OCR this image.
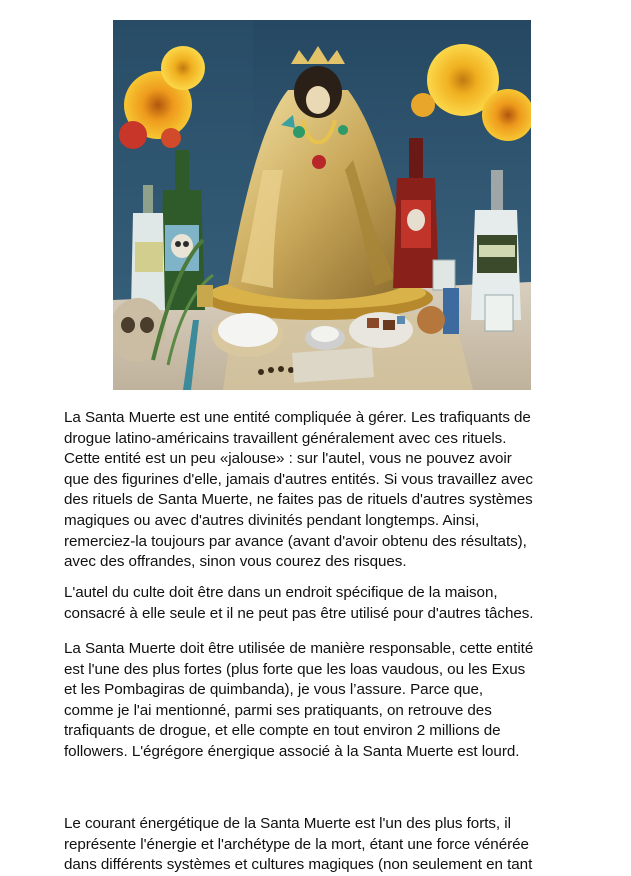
La Santa Muerte est une entité compliquée à gérer. Les trafiquants de

drogue latino-américains travaillent généralement avec ces rituels.

Cette entité est un peu «jalouse» : sur l'autel, vous ne pouvez avoir

que des figurines d'elle, jamais d'autres entités. Si vous travaillez avec

des rituels de Santa Muerte, ne faites pas de rituels d'autres systèmes

magiques ou avec d'autres divinités pendant longtemps. Ainsi,

remerciez-la toujours par avance (avant d'avoir obtenu des résultats),

avec des offrandes, sinon vous courez des risques.

L'autel du culte doit être dans un endroit spécifique de la maison,

consacré à elle seule et il ne peut pas être utilisé pour d'autres tâches.

La Santa Muerte doit être utilisée de manière responsable, cette entité

est l'une des plus fortes (plus forte que les loas vaudous, ou les Exus

et les Pombagiras de quimbanda), je vous l’assure. Parce que,

comme je l'ai mentionné, parmi ses pratiquants, on retrouve des

trafiquants de drogue, et elle compte en tout environ 2 millions de

followers. L'égrégore énergique associé à la Santa Muerte est lourd.

Le courant énergétique de la Santa Muerte est l'un des plus forts, il

représente l'énergie et l'archétype de la mort, étant une force vénérée

dans différents systèmes et cultures magiques (non seulement en tant
